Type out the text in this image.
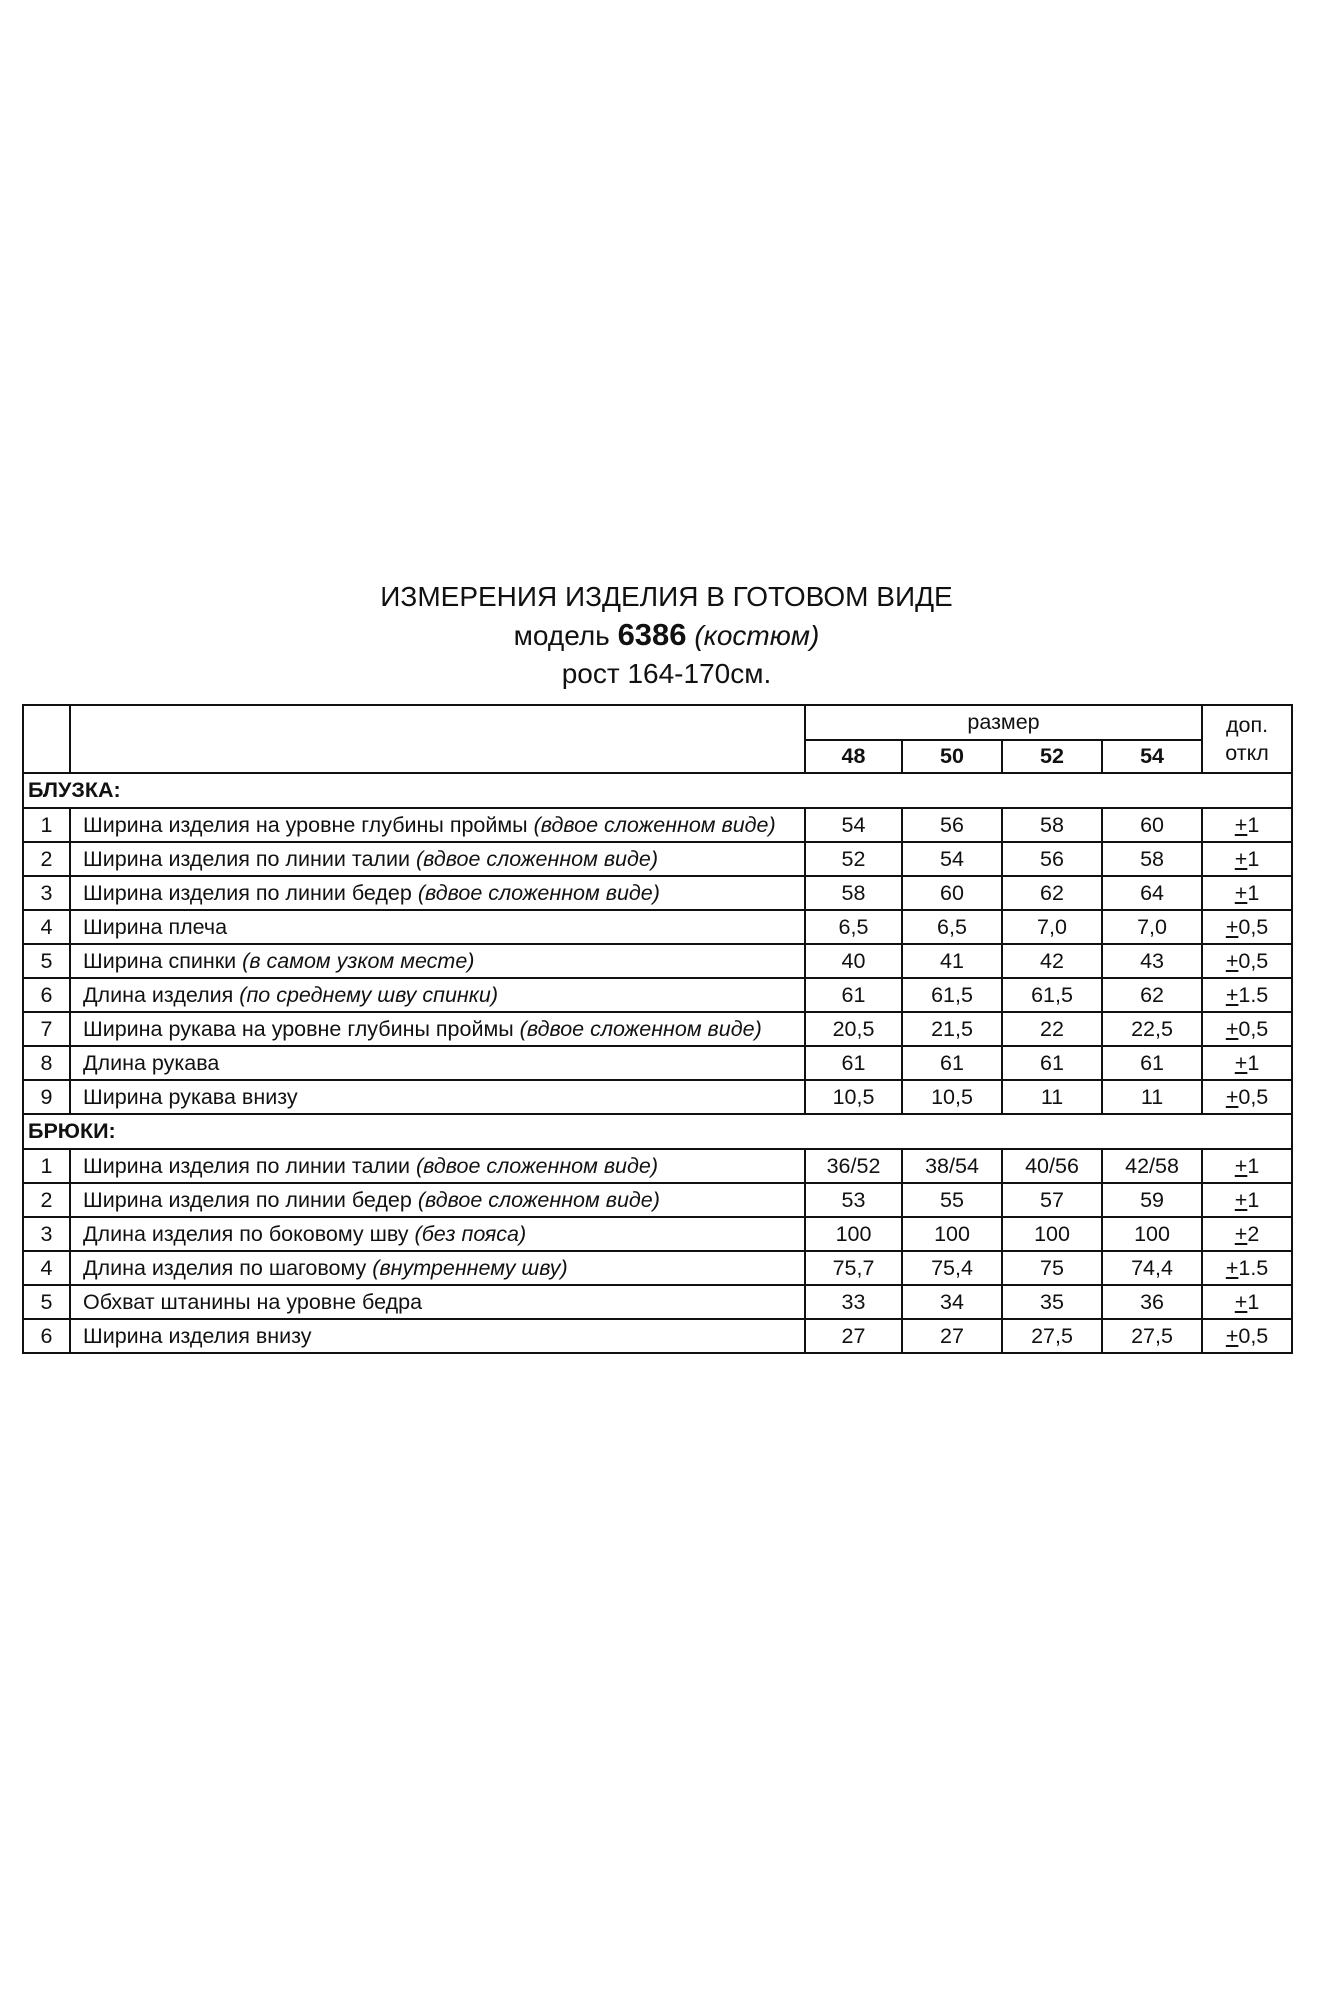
ИЗМЕРЕНИЯ ИЗДЕЛИЯ В ГОТОВОМ ВИДЕ
модель 6386 (костюм)
рост 164-170см.
		размер				доп.
откл
		48	50	52	54	
БЛУЗКА:						
1	Ширина изделия на уровне глубины проймы (вдвое сложенном виде)	54	56	58	60	+1
2	Ширина изделия по линии талии (вдвое сложенном виде)	52	54	56	58	+1
3	Ширина изделия по линии бедер (вдвое сложенном виде)	58	60	62	64	+1
4	Ширина плеча	6,5	6,5	7,0	7,0	+0,5
5	Ширина спинки (в самом узком месте)	40	41	42	43	+0,5
6	Длина изделия (по среднему шву спинки)	61	61,5	61,5	62	+1.5
7	Ширина рукава на уровне глубины проймы (вдвое сложенном виде)	20,5	21,5	22	22,5	+0,5
8	Длина рукава	61	61	61	61	+1
9	Ширина рукава внизу	10,5	10,5	11	11	+0,5
БРЮКИ:						
1	Ширина изделия по линии талии (вдвое сложенном виде)	36/52	38/54	40/56	42/58	+1
2	Ширина изделия по линии бедер (вдвое сложенном виде)	53	55	57	59	+1
3	Длина изделия по боковому шву (без пояса)	100	100	100	100	+2
4	Длина изделия по шаговому (внутреннему шву)	75,7	75,4	75	74,4	+1.5
5	Обхват штанины на уровне бедра	33	34	35	36	+1
6	Ширина изделия внизу	27	27	27,5	27,5	+0,5
